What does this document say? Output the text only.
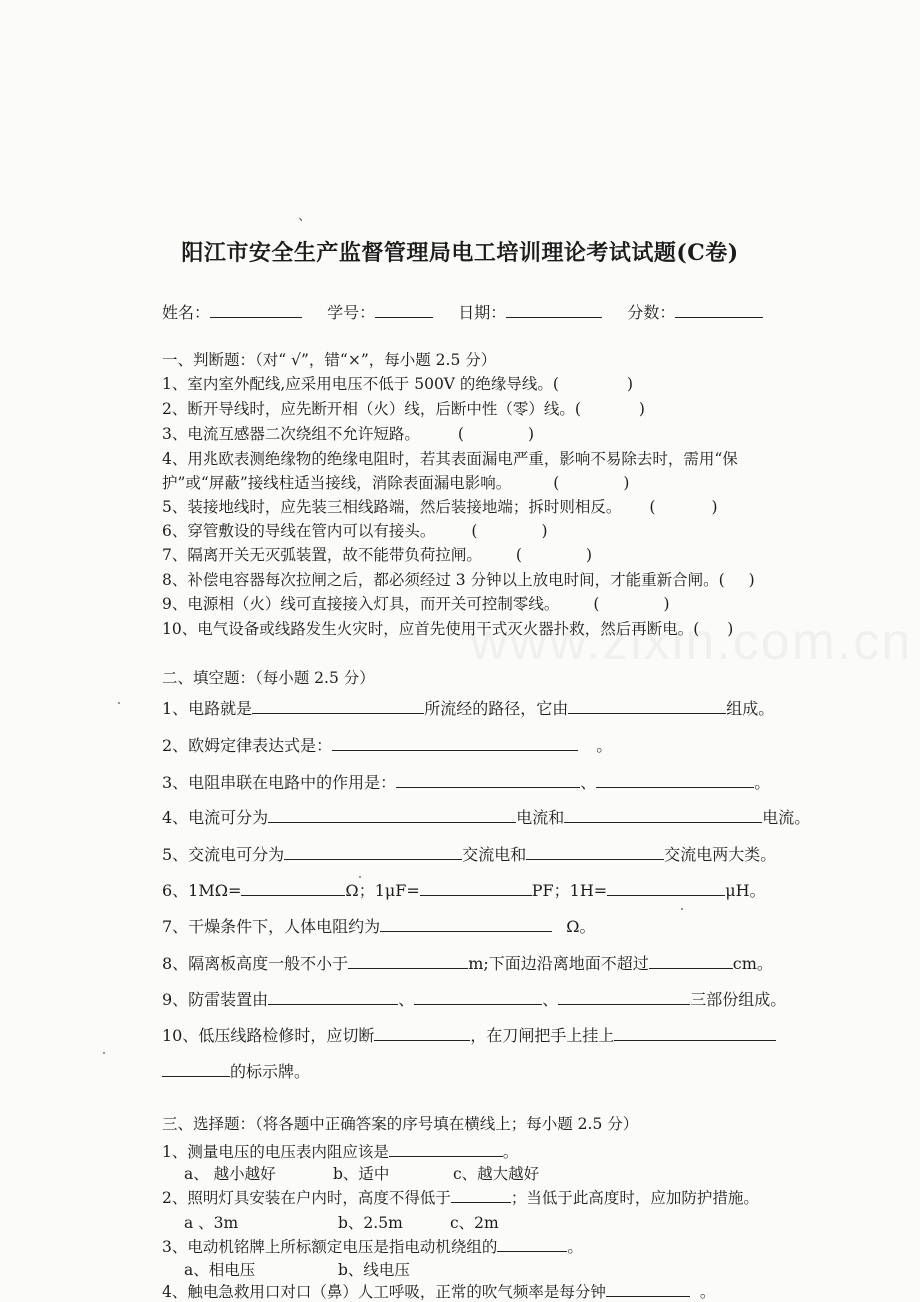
、
阳江市安全生产监督管理局电工培训理论考试试题(C卷)
姓名：	学号：	日期：	分数：
一、判断题：（对“ √”，错“×”，每小题 2.5 分）
1、室内室外配线,应采用电压不低于 500V 的绝缘导线。(	)
2、断开导线时，应先断开相（火）线，后断中性（零）线。(	)
3、电流互感器二次绕组不允许短路。 (	)
4、用兆欧表测绝缘物的绝缘电阻时，若其表面漏电严重，影响不易除去时，需用“保
护”或“屏蔽”接线柱适当接线，消除表面漏电影响。	(	)
5、装接地线时，应先装三相线路端，然后装接地端；拆时则相反。 (	)
6、穿管敷设的导线在管内可以有接头。 (	)
7、隔离开关无灭弧装置，故不能带负荷拉闸。 (	)
8、补偿电容器每次拉闸之后，都必须经过 3 分钟以上放电时间，才能重新合闸。( )
9、电源相（火）线可直接接入灯具，而开关可控制零线。 (	)
10、电气设备或线路发生火灾时，应首先使用干式灭火器扑救，然后再断电。( )
二、填空题：（每小题 2.5 分）
1、电路就是	所流经的路径，它由	组成。
2、欧姆定律表达式是：	。
3、电阻串联在电路中的作用是：	、	。
4、电流可分为	电流和	电流。
5、交流电可分为	交流电和	交流电两大类。
6、1MΩ=	Ω；1μF=	PF；1H=	μH。
7、干燥条件下，人体电阻约为	Ω。
8、隔离板高度一般不小于	m;下面边沿离地面不超过	cm。
9、防雷装置由	、	、	三部份组成。
10、低压线路检修时，应切断	，在刀闸把手上挂上
的标示牌。
三、选择题：（将各题中正确答案的序号填在横线上；每小题 2.5 分）
1、测量电压的电压表内阻应该是	。
a、 越小越好	b、适中	c、越大越好
2、照明灯具安装在户内时，高度不得低于	；当低于此高度时，应加防护措施。
a 、3m	b、2.5m	c、2m
3、电动机铭牌上所标额定电压是指电动机绕组的	。
a、相电压	b、线电压
4、触电急救用口对口（鼻）人工呼吸，正常的吹气频率是每分钟	。
